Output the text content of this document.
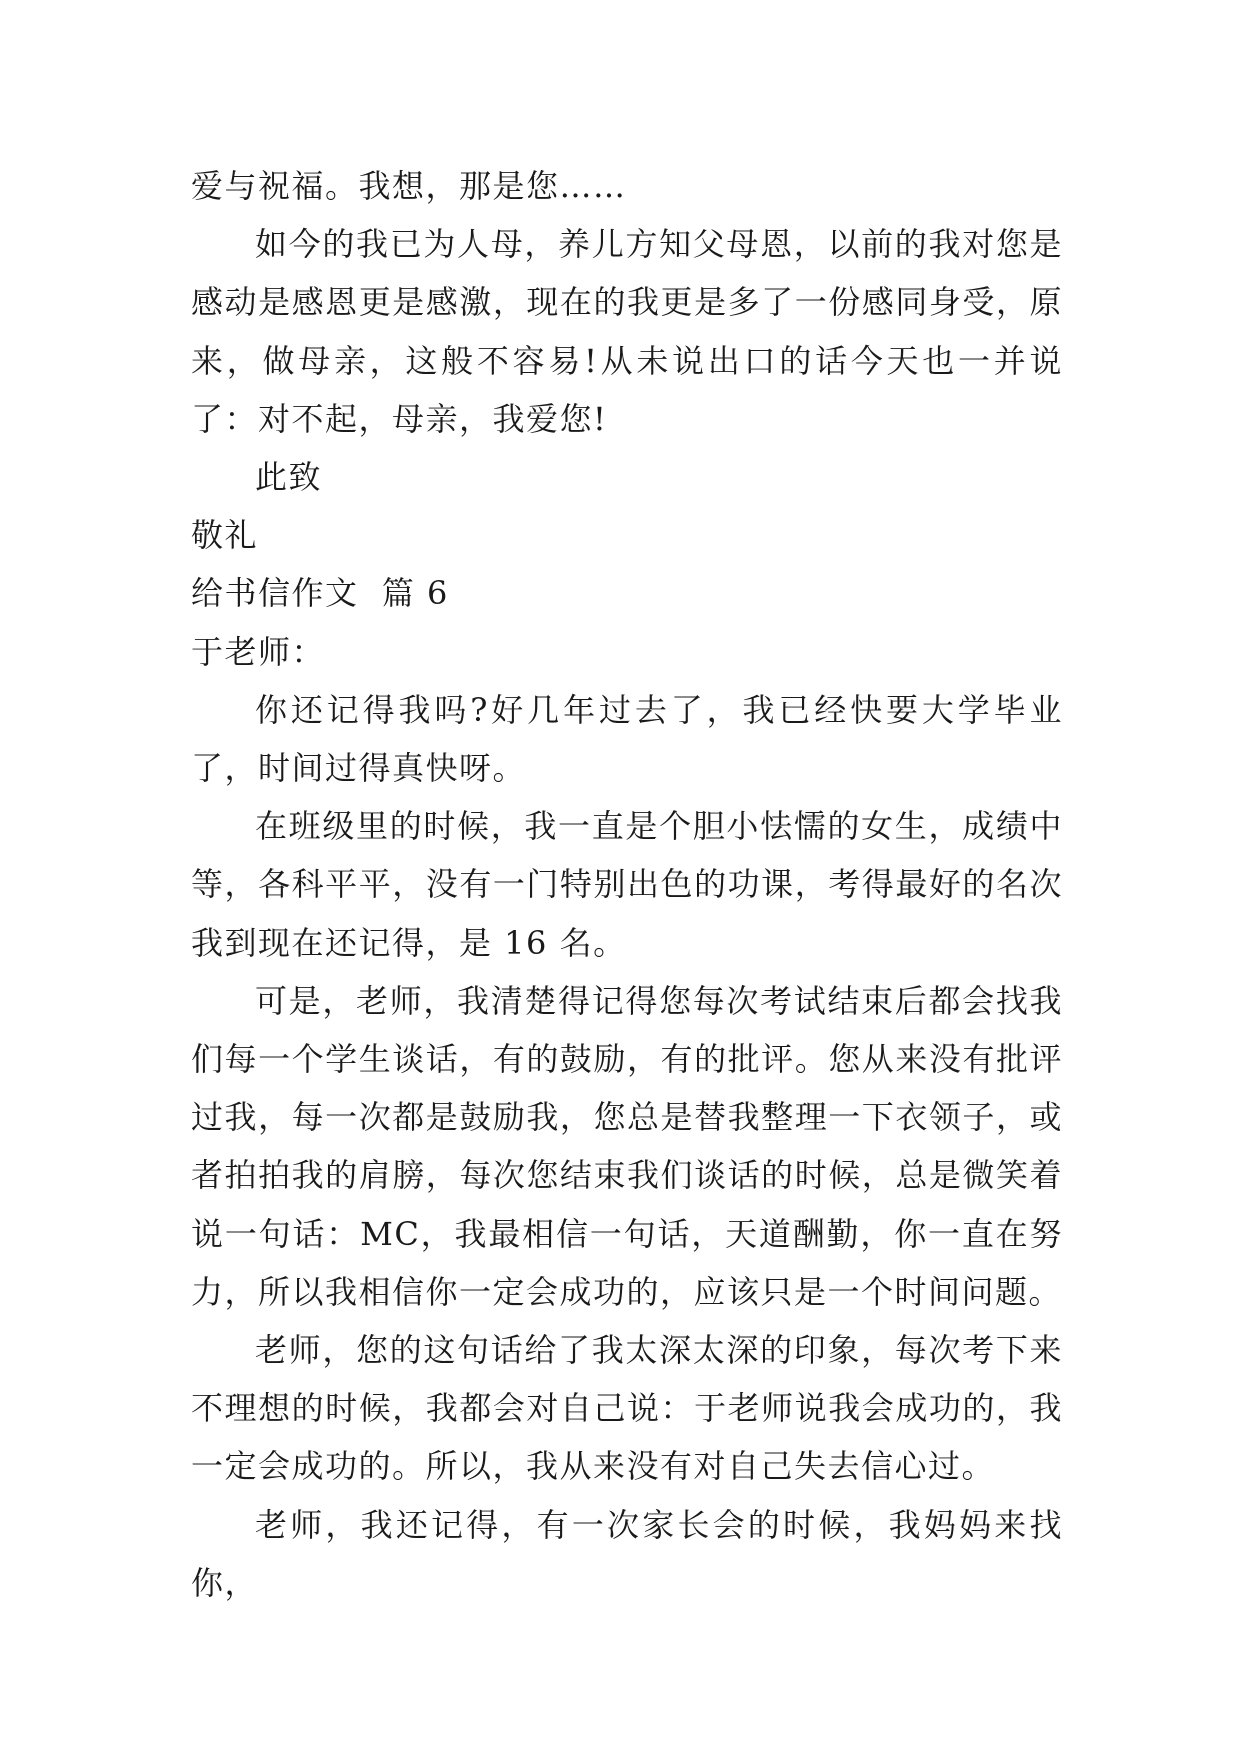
爱与祝福。我想，那是您……

如今的我已为人母，养儿方知父母恩，以前的我对您是感动是感恩更是感激，现在的我更是多了一份感同身受，原来，做母亲，这般不容易!从未说出口的话今天也一并说了：对不起，母亲，我爱您!

此致

敬礼

给书信作文  篇 6

于老师：

你还记得我吗?好几年过去了，我已经快要大学毕业了，时间过得真快呀。

在班级里的时候，我一直是个胆小怯懦的女生，成绩中等，各科平平，没有一门特别出色的功课，考得最好的名次我到现在还记得，是 16 名。

可是，老师，我清楚得记得您每次考试结束后都会找我们每一个学生谈话，有的鼓励，有的批评。您从来没有批评过我，每一次都是鼓励我，您总是替我整理一下衣领子，或者拍拍我的肩膀，每次您结束我们谈话的时候，总是微笑着说一句话：MC，我最相信一句话，天道酬勤，你一直在努力，所以我相信你一定会成功的，应该只是一个时间问题。

老师，您的这句话给了我太深太深的印象，每次考下来不理想的时候，我都会对自己说：于老师说我会成功的，我一定会成功的。所以，我从来没有对自己失去信心过。

老师，我还记得，有一次家长会的时候，我妈妈来找你，
